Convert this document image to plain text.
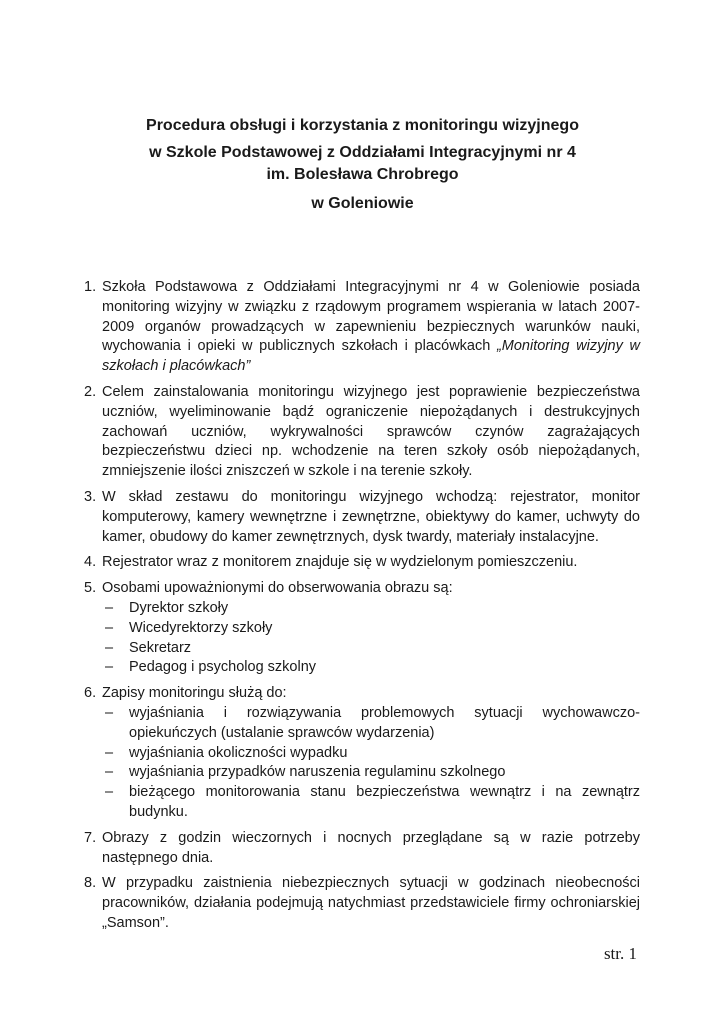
Procedura obsługi i korzystania z monitoringu wizyjnego
w Szkole Podstawowej z Oddziałami Integracyjnymi nr 4
im. Bolesława Chrobrego
w Goleniowie
1. Szkoła Podstawowa z Oddziałami Integracyjnymi nr 4 w Goleniowie posiada monitoring wizyjny w związku z rządowym programem wspierania w latach 2007-2009 organów prowadzących w zapewnieniu bezpiecznych warunków nauki, wychowania i opieki w publicznych szkołach i placówkach „Monitoring wizyjny w szkołach i placówkach”

2. Celem zainstalowania monitoringu wizyjnego jest poprawienie bezpieczeństwa uczniów, wyeliminowanie bądź ograniczenie niepożądanych i destrukcyjnych zachowań uczniów, wykrywalności sprawców czynów zagrażających bezpieczeństwu dzieci np. wchodzenie na teren szkoły osób niepożądanych, zmniejszenie ilości zniszczeń w szkole i na terenie szkoły.

3. W skład zestawu do monitoringu wizyjnego wchodzą: rejestrator, monitor komputerowy, kamery wewnętrzne i zewnętrzne, obiektywy do kamer, uchwyty do kamer, obudowy do kamer zewnętrznych, dysk twardy, materiały instalacyjne.

4. Rejestrator wraz z monitorem znajduje się w wydzielonym pomieszczeniu.

5. Osobami upoważnionymi do obserwowania obrazu są:

– Dyrektor szkoły
– Wicedyrektorzy szkoły
– Sekretarz
– Pedagog i psycholog szkolny
6. Zapisy monitoringu służą do:

– wyjaśniania i rozwiązywania problemowych sytuacji wychowawczo-opiekuńczych (ustalanie sprawców wydarzenia)
– wyjaśniania okoliczności wypadku
– wyjaśniania przypadków naruszenia regulaminu szkolnego
– bieżącego monitorowania stanu bezpieczeństwa wewnątrz i na zewnątrz budynku.
7. Obrazy z godzin wieczornych i nocnych przeglądane są w razie potrzeby następnego dnia.

8. W przypadku zaistnienia niebezpiecznych sytuacji w godzinach nieobecności pracowników, działania podejmują natychmiast przedstawiciele firmy ochroniarskiej „Samson”.

str. 1
